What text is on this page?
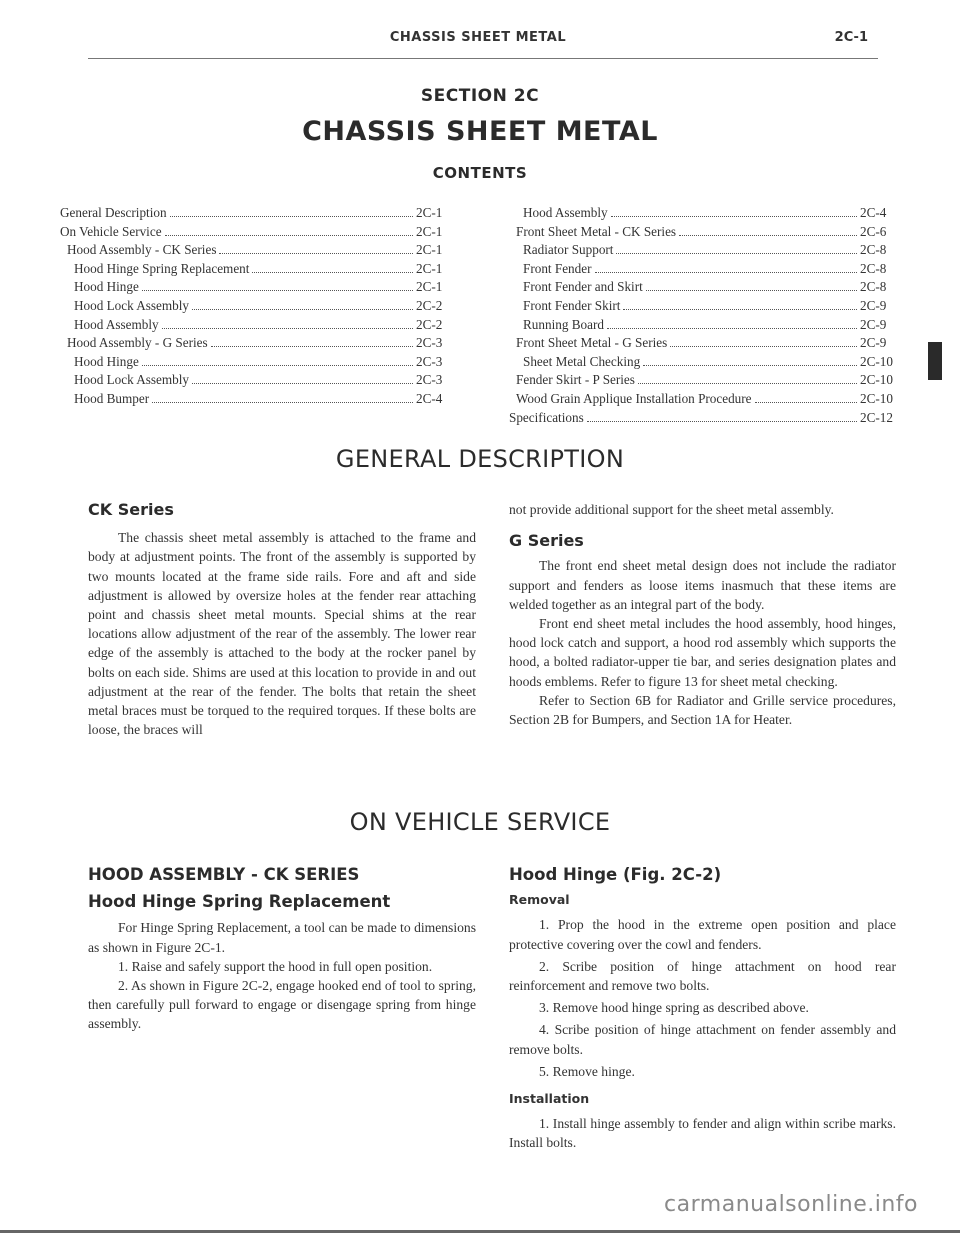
CHASSIS SHEET METAL	2C-1
SECTION 2C
CHASSIS SHEET METAL
CONTENTS
General Description	2C-1
On Vehicle Service	2C-1
Hood Assembly - CK Series	2C-1
Hood Hinge Spring Replacement	2C-1
Hood Hinge	2C-1
Hood Lock Assembly	2C-2
Hood Assembly	2C-2
Hood Assembly - G Series	2C-3
Hood Hinge	2C-3
Hood Lock Assembly	2C-3
Hood Bumper	2C-4
Hood Assembly	2C-4
Front Sheet Metal - CK Series	2C-6
Radiator Support	2C-8
Front Fender	2C-8
Front Fender and Skirt	2C-8
Front Fender Skirt	2C-9
Running Board	2C-9
Front Sheet Metal - G Series	2C-9
Sheet Metal Checking	2C-10
Fender Skirt - P Series	2C-10
Wood Grain Applique Installation Procedure	2C-10
Specifications	2C-12
GENERAL DESCRIPTION
CK Series

The chassis sheet metal assembly is attached to the frame and body at adjustment points. The front of the assembly is supported by two mounts located at the frame side rails. Fore and aft and side adjustment is allowed by oversize holes at the fender rear attaching point and chassis sheet metal mounts. Special shims at the rear locations allow adjustment of the rear of the assembly. The lower rear edge of the assembly is attached to the body at the rocker panel by bolts on each side. Shims are used at this location to provide in and out adjustment at the rear of the fender. The bolts that retain the sheet metal braces must be torqued to the required torques. If these bolts are loose, the braces will

not provide additional support for the sheet metal assembly.

G Series

The front end sheet metal design does not include the radiator support and fenders as loose items inasmuch that these items are welded together as an integral part of the body.

Front end sheet metal includes the hood assembly, hood hinges, hood lock catch and support, a hood rod assembly which supports the hood, a bolted radiator-upper tie bar, and series designation plates and hoods emblems. Refer to figure 13 for sheet metal checking.

Refer to Section 6B for Radiator and Grille service procedures, Section 2B for Bumpers, and Section 1A for Heater.

ON VEHICLE SERVICE
HOOD ASSEMBLY - CK SERIES
Hood Hinge Spring Replacement

For Hinge Spring Replacement, a tool can be made to dimensions as shown in Figure 2C-1.

1. Raise and safely support the hood in full open position.

2. As shown in Figure 2C-2, engage hooked end of tool to spring, then carefully pull forward to engage or disengage spring from hinge assembly.

Hood Hinge (Fig. 2C-2)
Removal

1. Prop the hood in the extreme open position and place protective covering over the cowl and fenders.

2. Scribe position of hinge attachment on hood rear reinforcement and remove two bolts.

3. Remove hood hinge spring as described above.

4. Scribe position of hinge attachment on fender assembly and remove bolts.

5. Remove hinge.

Installation

1. Install hinge assembly to fender and align within scribe marks. Install bolts.

carmanualsonline.info
